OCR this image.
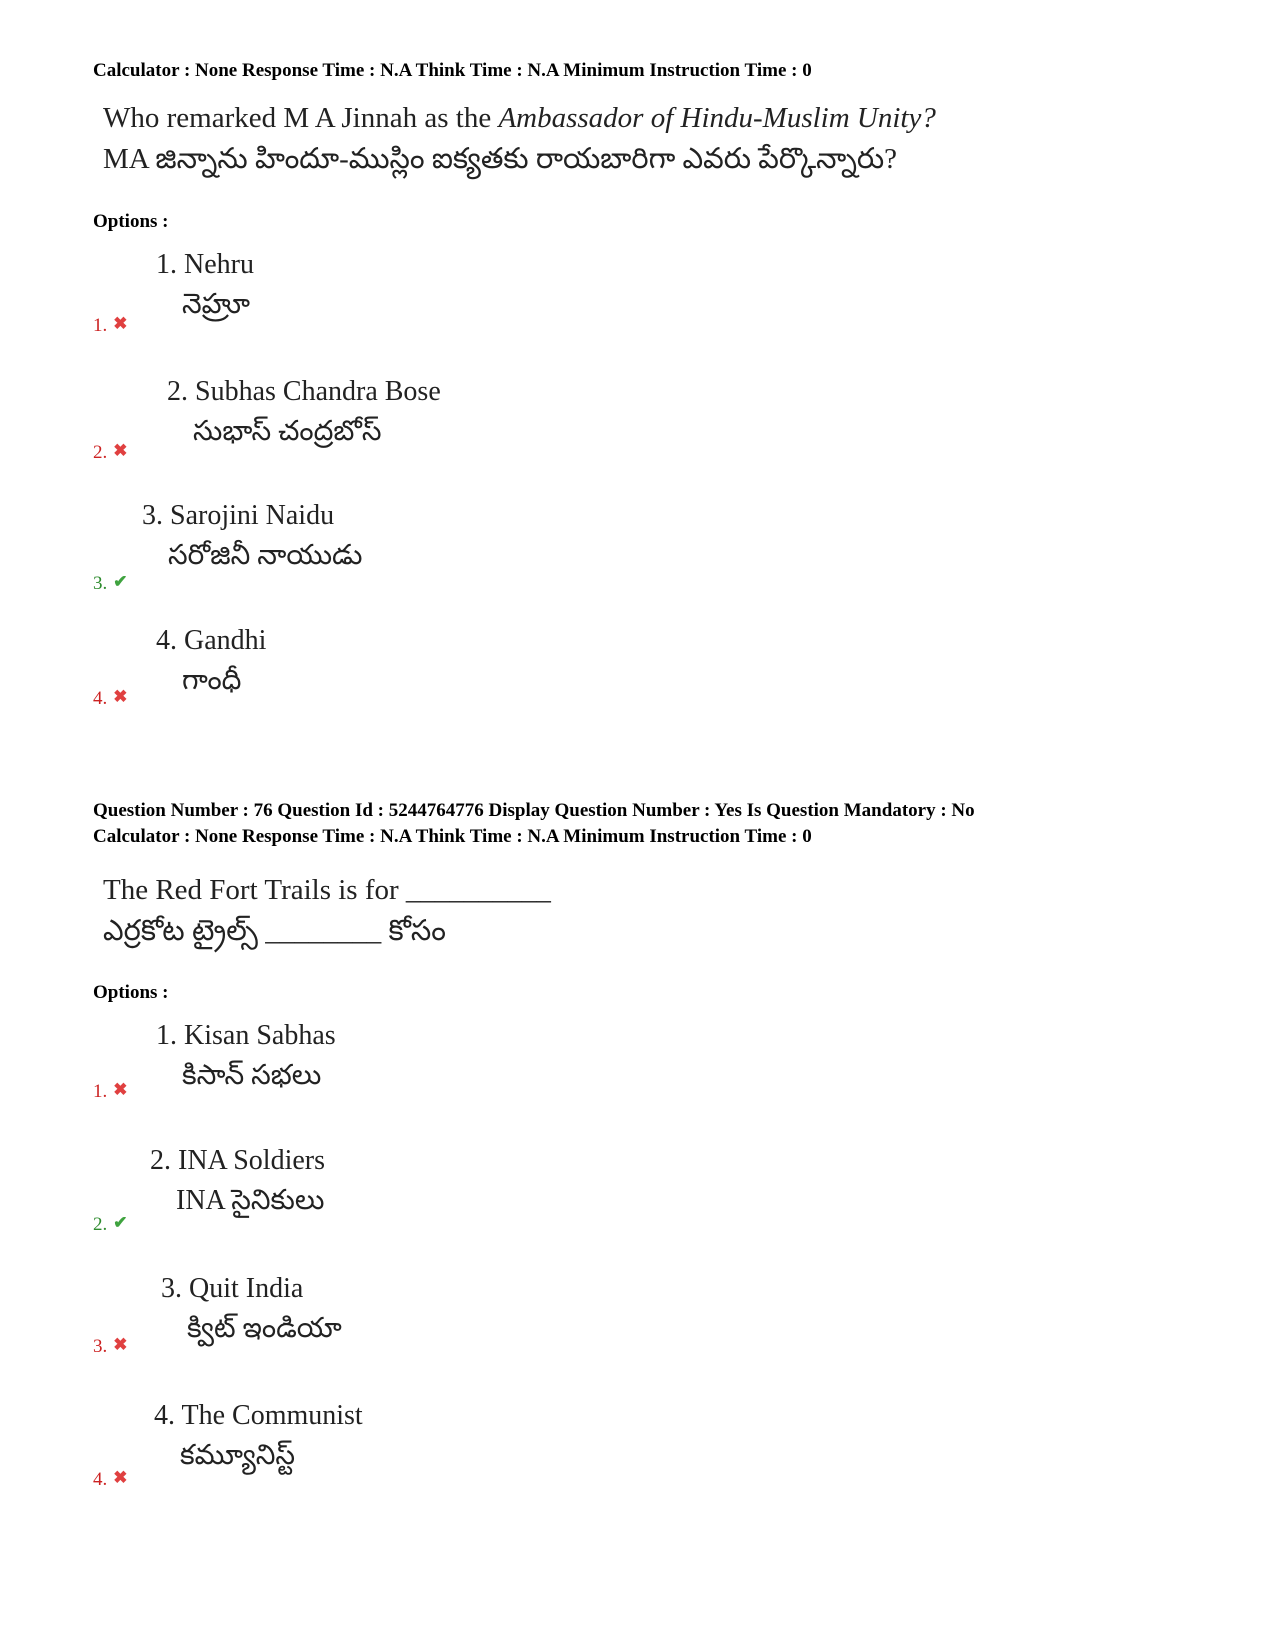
Calculator : None Response Time : N.A Think Time : N.A Minimum Instruction Time : 0
Who remarked M A Jinnah as the Ambassador of Hindu-Muslim Unity?
MA జిన్నాను హిందూ-ముస్లిం ఐక్యతకు రాయబారిగా ఎవరు పేర్కొన్నారు?
Options :
1. Nehru
నెహ్రూ
1. ✖
2. Subhas Chandra Bose
సుభాస్ చంద్రబోస్
2. ✖
3. Sarojini Naidu
సరోజినీ నాయుడు
3. ✔
4. Gandhi
గాంధీ
4. ✖
Question Number : 76 Question Id : 5244764776 Display Question Number : Yes Is Question Mandatory : No
Calculator : None Response Time : N.A Think Time : N.A Minimum Instruction Time : 0
The Red Fort Trails is for __________
ఎర్రకోట ట్రైల్స్ ________ కోసం
Options :
1. Kisan Sabhas
కిసాన్ సభలు
1. ✖
2. INA Soldiers
INA సైనికులు
2. ✔
3. Quit India
క్విట్ ఇండియా
3. ✖
4. The Communist
కమ్యూనిస్ట్
4. ✖
